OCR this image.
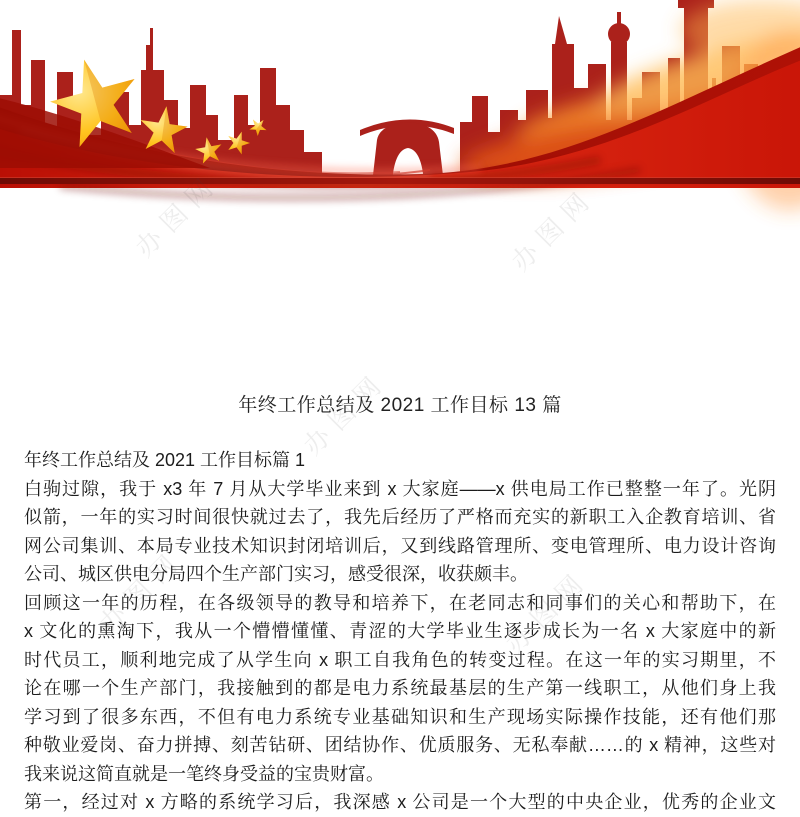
办图网
办图网
办图网
办图网
办图网
年终工作总结及 2021 工作目标 13 篇
年终工作总结及 2021 工作目标篇 1
白驹过隙，我于 x3 年 7 月从大学毕业来到 x 大家庭——x 供电局工作已整整一年了。光阴
似箭，一年的实习时间很快就过去了，我先后经历了严格而充实的新职工入企教育培训、省
网公司集训、本局专业技术知识封闭培训后，又到线路管理所、变电管理所、电力设计咨询
公司、城区供电分局四个生产部门实习，感受很深，收获颇丰。
回顾这一年的历程，在各级领导的教导和培养下，在老同志和同事们的关心和帮助下，在
x 文化的熏淘下，我从一个懵懵懂懂、青涩的大学毕业生逐步成长为一名 x 大家庭中的新
时代员工，顺利地完成了从学生向 x 职工自我角色的转变过程。在这一年的实习期里，不
论在哪一个生产部门，我接触到的都是电力系统最基层的生产第一线职工，从他们身上我
学习到了很多东西，不但有电力系统专业基础知识和生产现场实际操作技能，还有他们那
种敬业爱岗、奋力拼搏、刻苦钻研、团结协作、优质服务、无私奉献……的 x 精神，这些对
我来说这简直就是一笔终身受益的宝贵财富。
第一，经过对 x 方略的系统学习后，我深感 x 公司是一个大型的中央企业，优秀的企业文
